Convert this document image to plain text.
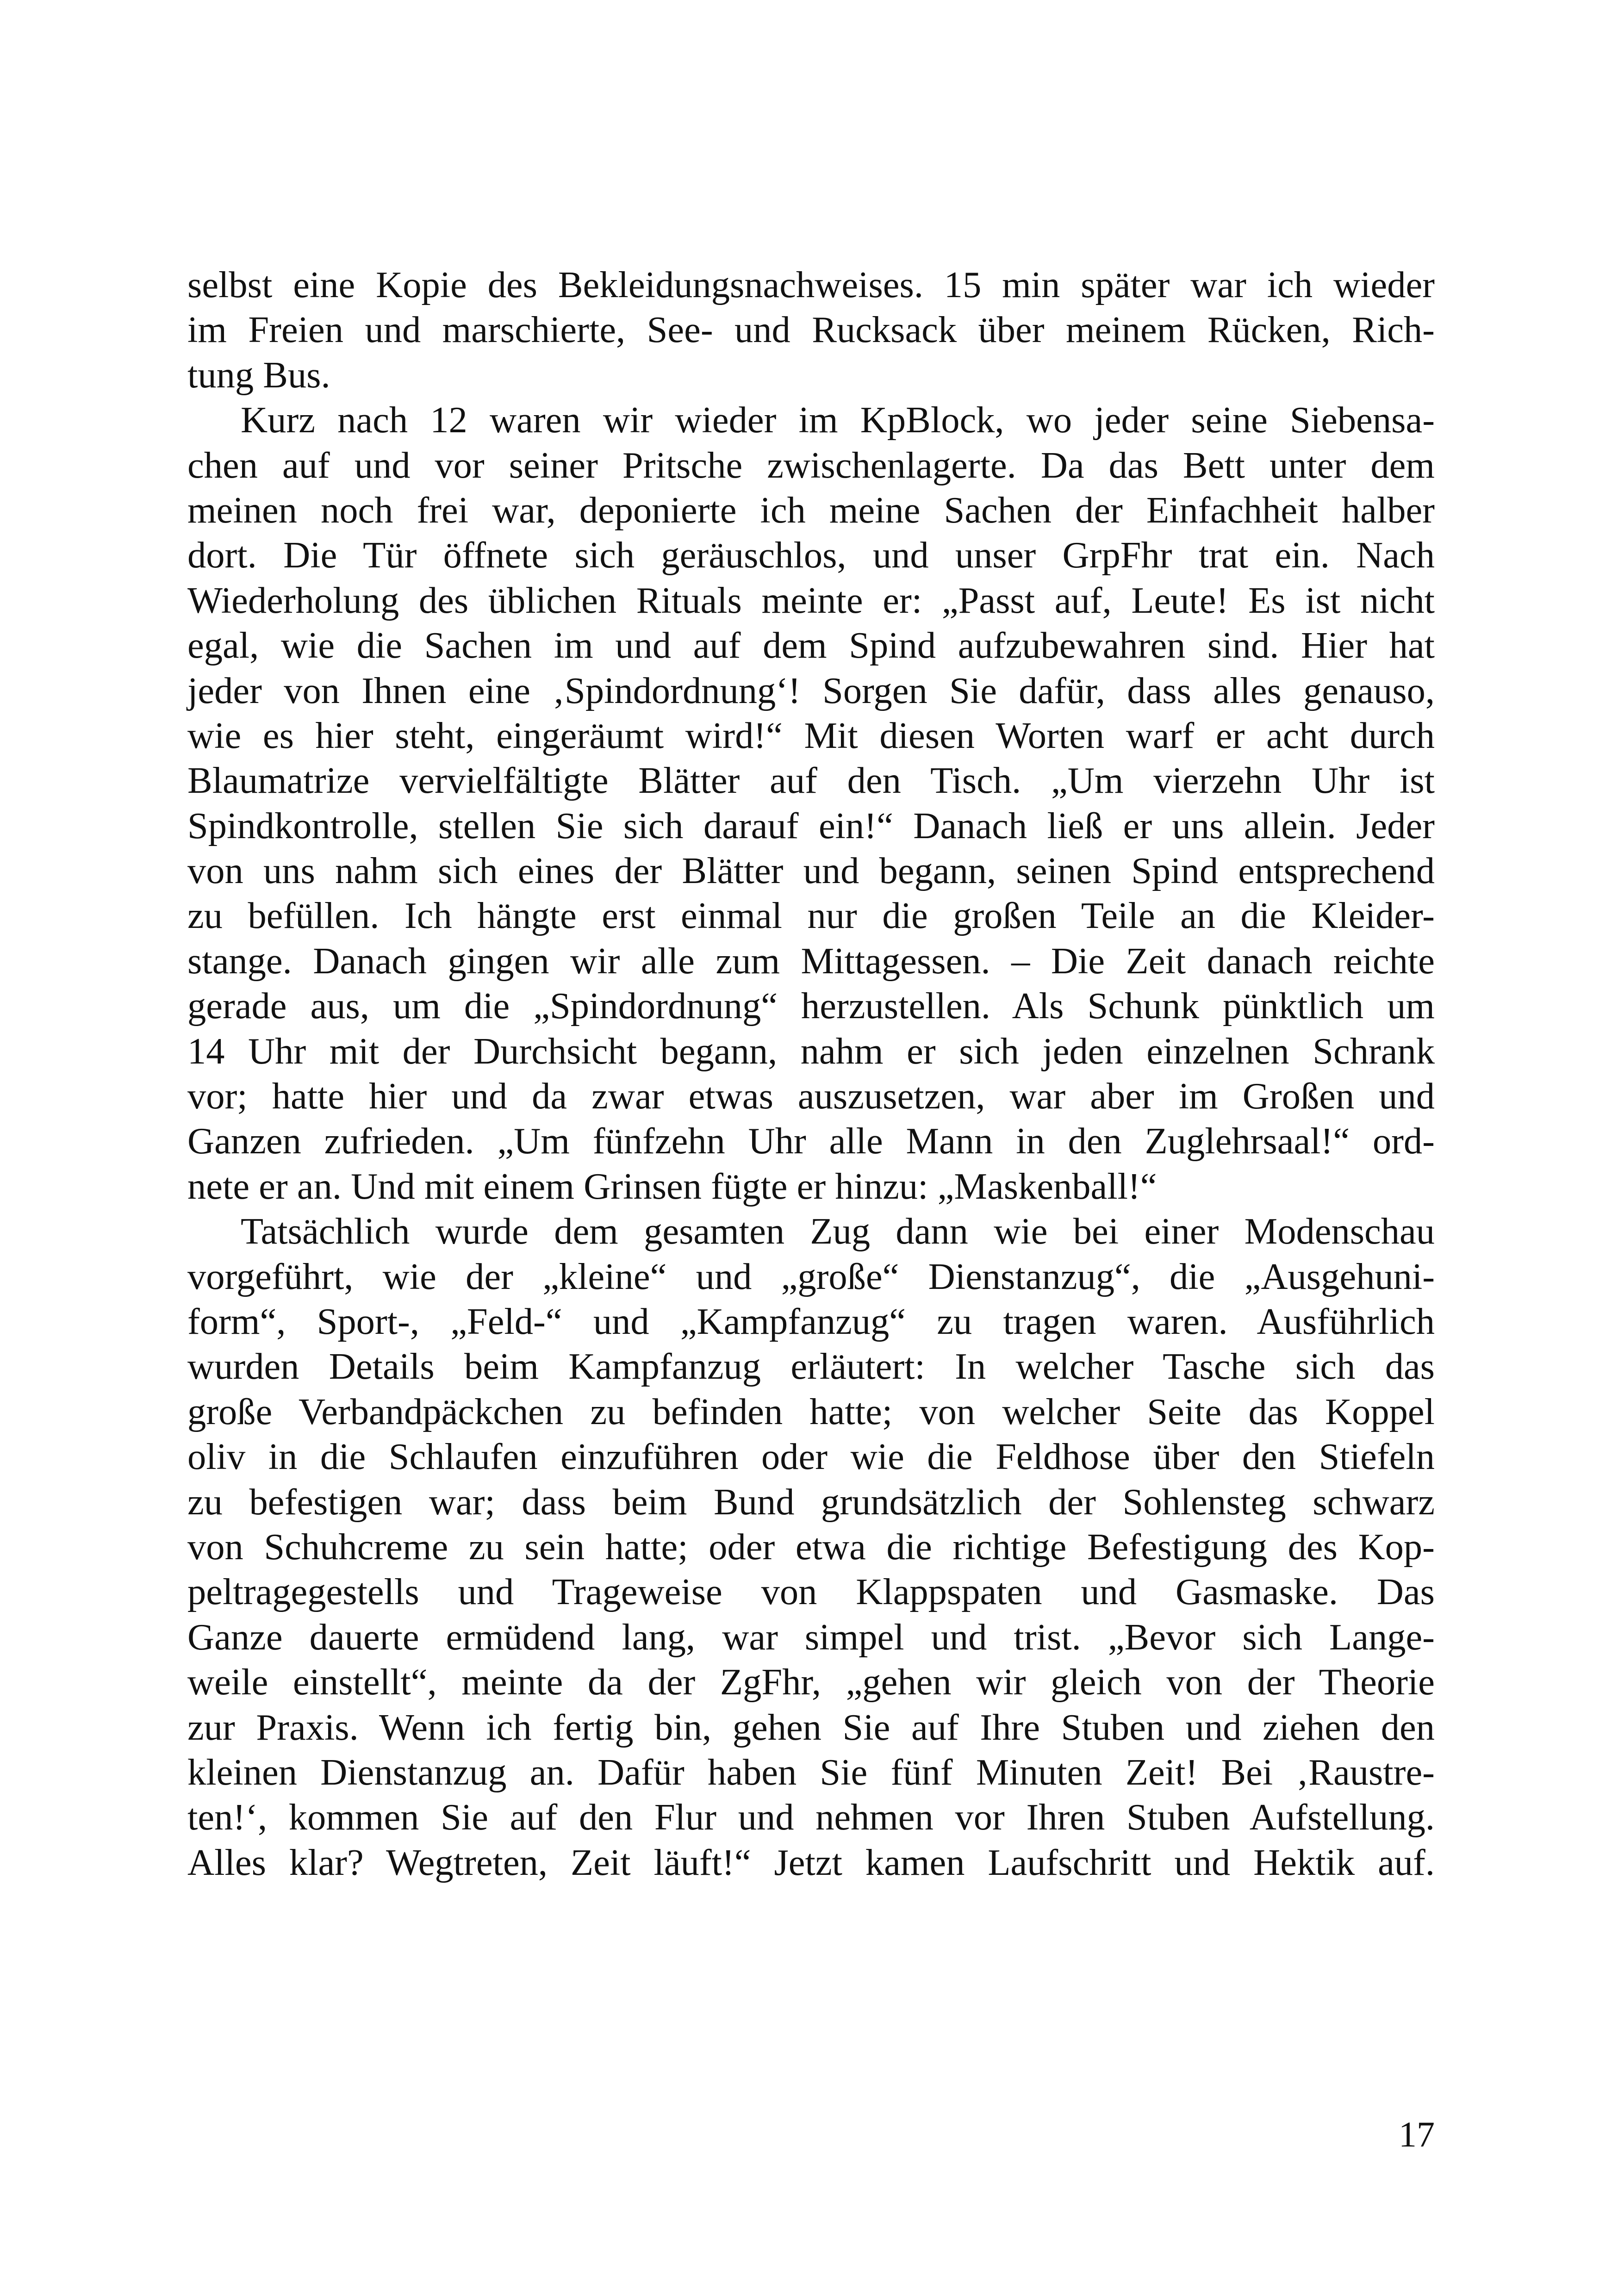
selbst eine Kopie des Bekleidungsnachweises. 15 min später war ich wieder
im Freien und marschierte, See- und Rucksack über meinem Rücken, Rich-
tung Bus.
Kurz nach 12 waren wir wieder im KpBlock, wo jeder seine Siebensa-
chen auf und vor seiner Pritsche zwischenlagerte. Da das Bett unter dem
meinen noch frei war, deponierte ich meine Sachen der Einfachheit halber
dort. Die Tür öffnete sich geräuschlos, und unser GrpFhr trat ein. Nach
Wiederholung des üblichen Rituals meinte er: „Passt auf, Leute! Es ist nicht
egal, wie die Sachen im und auf dem Spind aufzubewahren sind. Hier hat
jeder von Ihnen eine ‚Spindordnung‘! Sorgen Sie dafür, dass alles genauso,
wie es hier steht, eingeräumt wird!“ Mit diesen Worten warf er acht durch
Blaumatrize vervielfältigte Blätter auf den Tisch. „Um vierzehn Uhr ist
Spindkontrolle, stellen Sie sich darauf ein!“ Danach ließ er uns allein. Jeder
von uns nahm sich eines der Blätter und begann, seinen Spind entsprechend
zu befüllen. Ich hängte erst einmal nur die großen Teile an die Kleider-
stange. Danach gingen wir alle zum Mittagessen. – Die Zeit danach reichte
gerade aus, um die „Spindordnung“ herzustellen. Als Schunk pünktlich um
14 Uhr mit der Durchsicht begann, nahm er sich jeden einzelnen Schrank
vor; hatte hier und da zwar etwas auszusetzen, war aber im Großen und
Ganzen zufrieden. „Um fünfzehn Uhr alle Mann in den Zuglehrsaal!“ ord-
nete er an. Und mit einem Grinsen fügte er hinzu: „Maskenball!“
Tatsächlich wurde dem gesamten Zug dann wie bei einer Modenschau
vorgeführt, wie der „kleine“ und „große“ Dienstanzug“, die „Ausgehuni-
form“, Sport-, „Feld-“ und „Kampfanzug“ zu tragen waren. Ausführlich
wurden Details beim Kampfanzug erläutert: In welcher Tasche sich das
große Verbandpäckchen zu befinden hatte; von welcher Seite das Koppel
oliv in die Schlaufen einzuführen oder wie die Feldhose über den Stiefeln
zu befestigen war; dass beim Bund grundsätzlich der Sohlensteg schwarz
von Schuhcreme zu sein hatte; oder etwa die richtige Befestigung des Kop-
peltragegestells und Trageweise von Klappspaten und Gasmaske. Das
Ganze dauerte ermüdend lang, war simpel und trist. „Bevor sich Lange-
weile einstellt“, meinte da der ZgFhr, „gehen wir gleich von der Theorie
zur Praxis. Wenn ich fertig bin, gehen Sie auf Ihre Stuben und ziehen den
kleinen Dienstanzug an. Dafür haben Sie fünf Minuten Zeit! Bei ‚Raustre-
ten!‘, kommen Sie auf den Flur und nehmen vor Ihren Stuben Aufstellung.
Alles klar? Wegtreten, Zeit läuft!“ Jetzt kamen Laufschritt und Hektik auf.
17
